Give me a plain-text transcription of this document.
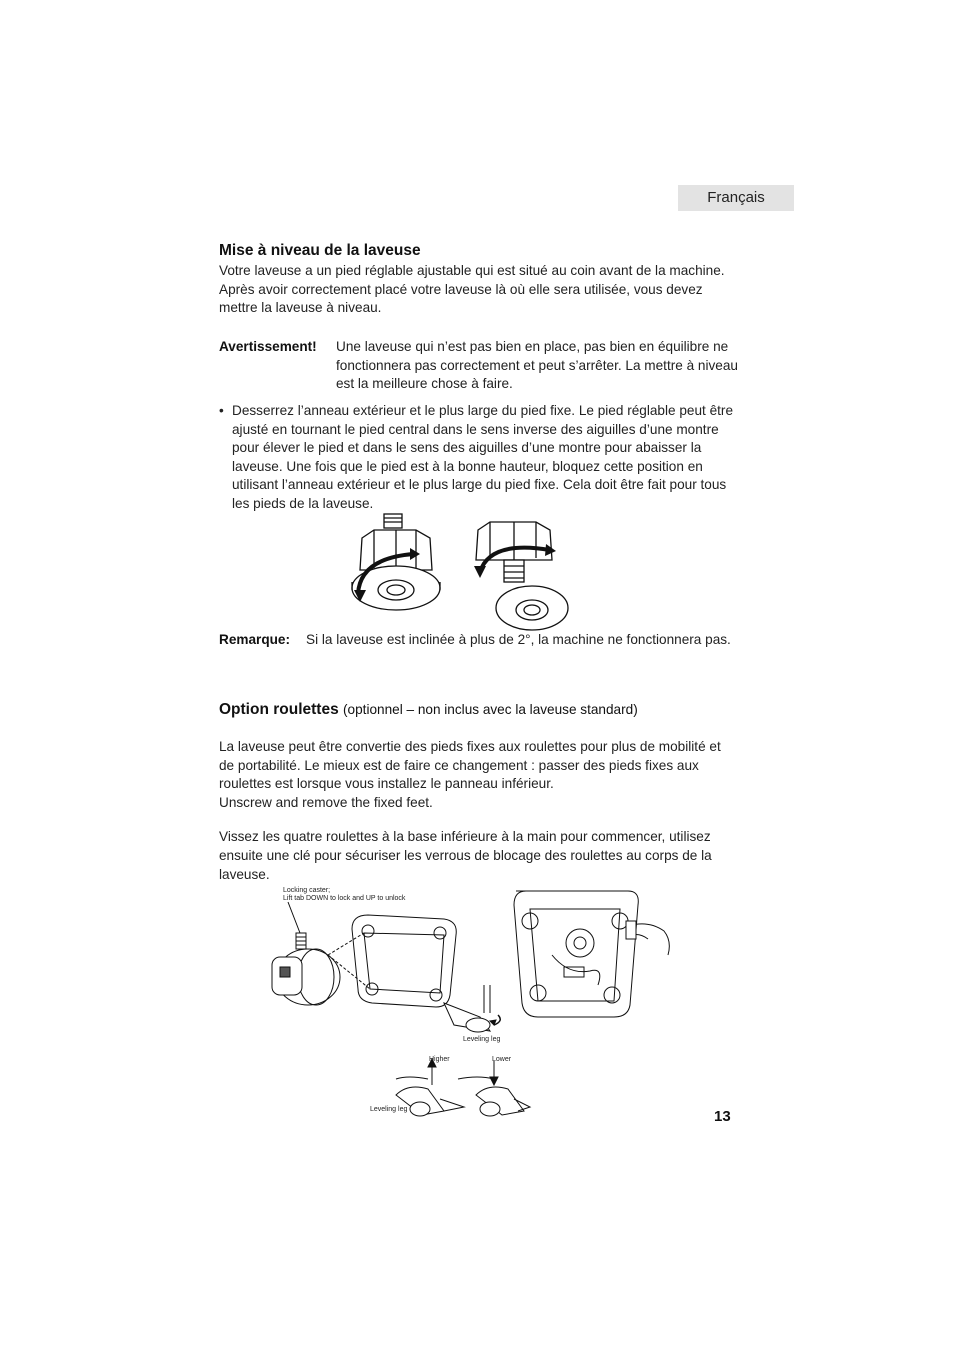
Français
Mise à niveau de la laveuse

Votre laveuse a un pied réglable ajustable qui est situé au coin avant de la machine. Après avoir correctement placé votre laveuse là où elle sera utilisée, vous devez mettre la laveuse à niveau.

Avertissement! Une laveuse qui n’est pas bien en place, pas bien en équilibre ne fonctionnera pas correctement et peut s’arrêter. La mettre à niveau est la meilleure chose à faire.
• Desserrez l’anneau extérieur et le plus large du pied fixe. Le pied réglable peut être ajusté en tournant le pied central dans le sens inverse des aiguilles d’une montre pour élever le pied et dans le sens des aiguilles d’une montre pour abaisser la laveuse. Une fois que le pied est à la bonne hauteur, bloquez cette position en utilisant l’anneau extérieur et le plus large du pied fixe. Cela doit être fait pour tous les pieds de la laveuse.
Remarque: Si la laveuse est inclinée à plus de 2°, la machine ne fonctionnera pas.
Option roulettes (optionnel – non inclus avec la laveuse standard)

La laveuse peut être convertie des pieds fixes aux roulettes pour plus de mobilité et de portabilité. Le mieux est de faire ce changement : passer des pieds fixes aux roulettes est lorsque vous installez le panneau inférieur.

Unscrew and remove the fixed feet.

Vissez les quatre roulettes à la base inférieure à la main pour commencer, utilisez ensuite une clé pour sécuriser les verrous de blocage des roulettes au corps de la laveuse.

Locking caster;
Lift tab DOWN to lock and UP to unlock
Leveling leg
Higher	Lower
Leveling leg	13
